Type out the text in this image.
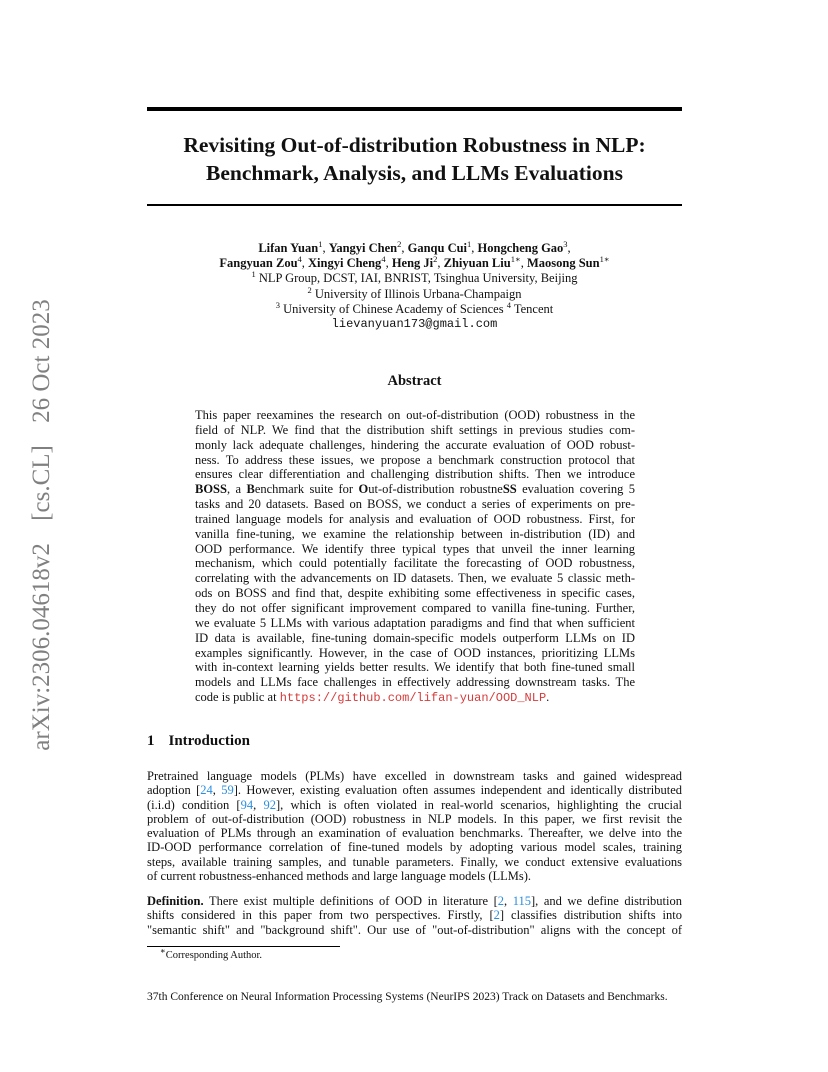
Revisiting Out-of-distribution Robustness in NLP:
Benchmark, Analysis, and LLMs Evaluations
arXiv:2306.04618v2 [cs.CL] 26 Oct 2023
Lifan Yuan$^1$, Yangyi Chen$^2$, Ganqu Cui$^1$, Hongcheng Gao$^3$,
Fangyuan Zou$^4$, Xingyi Cheng$^4$, Heng Ji$^2$, Zhiyuan Liu$^{1∗}$, Maosong Sun$^{1∗}$
$^1$ NLP Group, DCST, IAI, BNRIST, Tsinghua University, Beijing
$^2$ University of Illinois Urbana-Champaign
$^3$ University of Chinese Academy of Sciences $^4$ Tencent
lievanyuan173@gmail.com
Abstract
This paper reexamines the research on out-of-distribution (OOD) robustness in the
field of NLP. We find that the distribution shift settings in previous studies com-
monly lack adequate challenges, hindering the accurate evaluation of OOD robust-
ness. To address these issues, we propose a benchmark construction protocol that
ensures clear differentiation and challenging distribution shifts. Then we introduce
BOSS, a Benchmark suite for Out-of-distribution robustneSS evaluation covering 5
tasks and 20 datasets. Based on BOSS, we conduct a series of experiments on pre-
trained language models for analysis and evaluation of OOD robustness. First, for
vanilla fine-tuning, we examine the relationship between in-distribution (ID) and
OOD performance. We identify three typical types that unveil the inner learning
mechanism, which could potentially facilitate the forecasting of OOD robustness,
correlating with the advancements on ID datasets. Then, we evaluate 5 classic meth-
ods on BOSS and find that, despite exhibiting some effectiveness in specific cases,
they do not offer significant improvement compared to vanilla fine-tuning. Further,
we evaluate 5 LLMs with various adaptation paradigms and find that when sufficient
ID data is available, fine-tuning domain-specific models outperform LLMs on ID
examples significantly. However, in the case of OOD instances, prioritizing LLMs
with in-context learning yields better results. We identify that both fine-tuned small
models and LLMs face challenges in effectively addressing downstream tasks. The
code is public at https://github.com/lifan-yuan/OOD_NLP.
1 Introduction
Pretrained language models (PLMs) have excelled in downstream tasks and gained widespread
adoption [24, 59]. However, existing evaluation often assumes independent and identically distributed
(i.i.d) condition [94, 92], which is often violated in real-world scenarios, highlighting the crucial
problem of out-of-distribution (OOD) robustness in NLP models. In this paper, we first revisit the
evaluation of PLMs through an examination of evaluation benchmarks. Thereafter, we delve into the
ID-OOD performance correlation of fine-tuned models by adopting various model scales, training
steps, available training samples, and tunable parameters. Finally, we conduct extensive evaluations
of current robustness-enhanced methods and large language models (LLMs).
Definition. There exist multiple definitions of OOD in literature [2, 115], and we define distribution
shifts considered in this paper from two perspectives. Firstly, [2] classifies distribution shifts into
"semantic shift" and "background shift". Our use of "out-of-distribution" aligns with the concept of
∗Corresponding Author.
37th Conference on Neural Information Processing Systems (NeurIPS 2023) Track on Datasets and Benchmarks.
